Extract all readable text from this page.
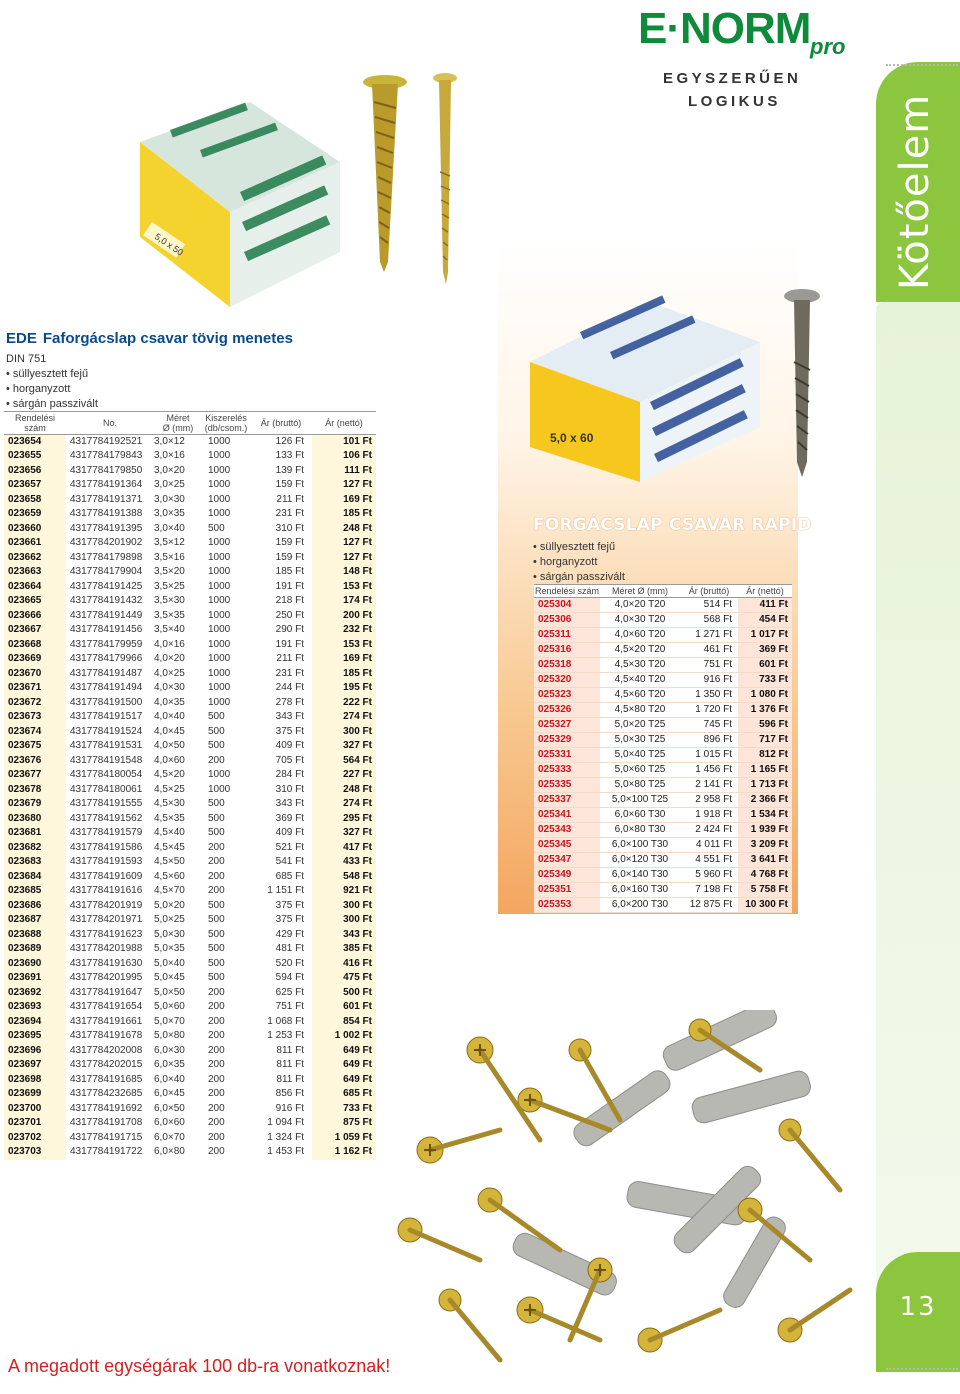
13
E·NORM pro
EGYSZERŰEN
LOGIKUS
5,0 x 50
5,0 x 60
EDE Faforgácslap csavar tövig menetes
DIN 751
• süllyesztett fejű
• horganyzott
• sárgán passzivált
Rendelési szám	No.	Méret
Ø (mm)	Kiszerelés
(db/csom.)	Ár (bruttó)	Ár (nettó)
023654	4317784192521	3,0×12	1000	126 Ft	101 Ft
023655	4317784179843	3,0×16	1000	133 Ft	106 Ft
023656	4317784179850	3,0×20	1000	139 Ft	111 Ft
023657	4317784191364	3,0×25	1000	159 Ft	127 Ft
023658	4317784191371	3,0×30	1000	211 Ft	169 Ft
023659	4317784191388	3,0×35	1000	231 Ft	185 Ft
023660	4317784191395	3,0×40	500	310 Ft	248 Ft
023661	4317784201902	3,5×12	1000	159 Ft	127 Ft
023662	4317784179898	3,5×16	1000	159 Ft	127 Ft
023663	4317784179904	3,5×20	1000	185 Ft	148 Ft
023664	4317784191425	3,5×25	1000	191 Ft	153 Ft
023665	4317784191432	3,5×30	1000	218 Ft	174 Ft
023666	4317784191449	3,5×35	1000	250 Ft	200 Ft
023667	4317784191456	3,5×40	1000	290 Ft	232 Ft
023668	4317784179959	4,0×16	1000	191 Ft	153 Ft
023669	4317784179966	4,0×20	1000	211 Ft	169 Ft
023670	4317784191487	4,0×25	1000	231 Ft	185 Ft
023671	4317784191494	4,0×30	1000	244 Ft	195 Ft
023672	4317784191500	4,0×35	1000	278 Ft	222 Ft
023673	4317784191517	4,0×40	500	343 Ft	274 Ft
023674	4317784191524	4,0×45	500	375 Ft	300 Ft
023675	4317784191531	4,0×50	500	409 Ft	327 Ft
023676	4317784191548	4,0×60	200	705 Ft	564 Ft
023677	4317784180054	4,5×20	1000	284 Ft	227 Ft
023678	4317784180061	4,5×25	1000	310 Ft	248 Ft
023679	4317784191555	4,5×30	500	343 Ft	274 Ft
023680	4317784191562	4,5×35	500	369 Ft	295 Ft
023681	4317784191579	4,5×40	500	409 Ft	327 Ft
023682	4317784191586	4,5×45	200	521 Ft	417 Ft
023683	4317784191593	4,5×50	200	541 Ft	433 Ft
023684	4317784191609	4,5×60	200	685 Ft	548 Ft
023685	4317784191616	4,5×70	200	1 151 Ft	921 Ft
023686	4317784201919	5,0×20	500	375 Ft	300 Ft
023687	4317784201971	5,0×25	500	375 Ft	300 Ft
023688	4317784191623	5,0×30	500	429 Ft	343 Ft
023689	4317784201988	5,0×35	500	481 Ft	385 Ft
023690	4317784191630	5,0×40	500	520 Ft	416 Ft
023691	4317784201995	5,0×45	500	594 Ft	475 Ft
023692	4317784191647	5,0×50	200	625 Ft	500 Ft
023693	4317784191654	5,0×60	200	751 Ft	601 Ft
023694	4317784191661	5,0×70	200	1 068 Ft	854 Ft
023695	4317784191678	5,0×80	200	1 253 Ft	1 002 Ft
023696	4317784202008	6,0×30	200	811 Ft	649 Ft
023697	4317784202015	6,0×35	200	811 Ft	649 Ft
023698	4317784191685	6,0×40	200	811 Ft	649 Ft
023699	4317784232685	6,0×45	200	856 Ft	685 Ft
023700	4317784191692	6,0×50	200	916 Ft	733 Ft
023701	4317784191708	6,0×60	200	1 094 Ft	875 Ft
023702	4317784191715	6,0×70	200	1 324 Ft	1 059 Ft
023703	4317784191722	6,0×80	200	1 453 Ft	1 162 Ft
FORGÁCSLAP CSAVAR RAPID
• süllyesztett fejű
• horganyzott
• sárgán passzivált
Rendelési szám	Méret Ø (mm)	Ár (bruttó)	Ár (nettó)
025304	4,0×20 T20	514 Ft	411 Ft
025306	4,0×30 T20	568 Ft	454 Ft
025311	4,0×60 T20	1 271 Ft	1 017 Ft
025316	4,5×20 T20	461 Ft	369 Ft
025318	4,5×30 T20	751 Ft	601 Ft
025320	4,5×40 T20	916 Ft	733 Ft
025323	4,5×60 T20	1 350 Ft	1 080 Ft
025326	4,5×80 T20	1 720 Ft	1 376 Ft
025327	5,0×20 T25	745 Ft	596 Ft
025329	5,0×30 T25	896 Ft	717 Ft
025331	5,0×40 T25	1 015 Ft	812 Ft
025333	5,0×60 T25	1 456 Ft	1 165 Ft
025335	5,0×80 T25	2 141 Ft	1 713 Ft
025337	5,0×100 T25	2 958 Ft	2 366 Ft
025341	6,0×60 T30	1 918 Ft	1 534 Ft
025343	6,0×80 T30	2 424 Ft	1 939 Ft
025345	6,0×100 T30	4 011 Ft	3 209 Ft
025347	6,0×120 T30	4 551 Ft	3 641 Ft
025349	6,0×140 T30	5 960 Ft	4 768 Ft
025351	6,0×160 T30	7 198 Ft	5 758 Ft
025353	6,0×200 T30	12 875 Ft	10 300 Ft
A megadott egységárak 100 db-ra vonatkoznak!
